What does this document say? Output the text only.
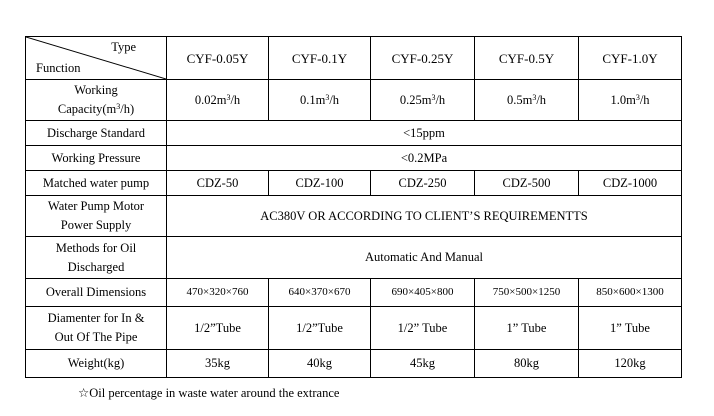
Type
Function	CYF-0.05Y	CYF-0.1Y	CYF-0.25Y	CYF-0.5Y	CYF-1.0Y
Working
$Capacity(m^3/h)$	$0.02m^3/h$	$0.1m^3/h$	$0.25m^3/h$	$0.5m^3/h$	$1.0m^3/h$
Discharge Standard	<15ppm				
Working Pressure	<0.2MPa				
Matched water pump	CDZ-50	CDZ-100	CDZ-250	CDZ-500	CDZ-1000
Water Pump Motor
Power Supply	AC380V OR ACCORDING TO CLIENT’S REQUIREMENTTS				
Methods for Oil
Discharged	Automatic And Manual				
Overall Dimensions	470×320×760	640×370×670	690×405×800	750×500×1250	850×600×1300
Diamenter for In &
Out Of The Pipe	1/2”Tube	1/2”Tube	1/2” Tube	1” Tube	1” Tube
Weight(kg)	35kg	40kg	45kg	80kg	120kg
☆Oil percentage in waste water around the extrance
